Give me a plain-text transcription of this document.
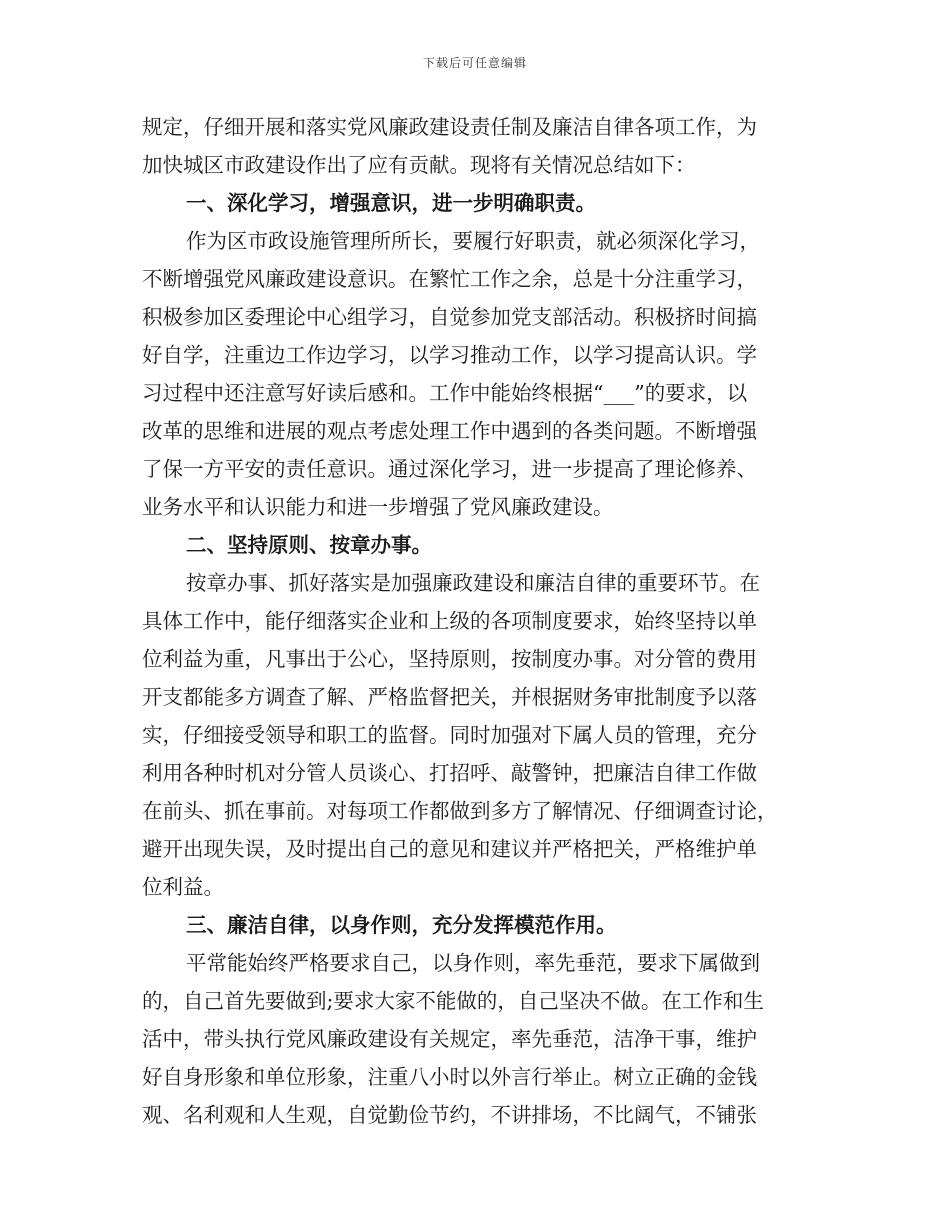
下载后可任意编辑
规定，仔细开展和落实党风廉政建设责任制及廉洁自律各项工作，为
加快城区市政建设作出了应有贡献。现将有关情况总结如下：
一、深化学习，增强意识，进一步明确职责。
作为区市政设施管理所所长，要履行好职责，就必须深化学习，
不断增强党风廉政建设意识。在繁忙工作之余，总是十分注重学习，
积极参加区委理论中心组学习，自觉参加党支部活动。积极挤时间搞
好自学，注重边工作边学习，以学习推动工作，以学习提高认识。学
习过程中还注意写好读后感和。工作中能始终根据“___”的要求，以
改革的思维和进展的观点考虑处理工作中遇到的各类问题。不断增强
了保一方平安的责任意识。通过深化学习，进一步提高了理论修养、
业务水平和认识能力和进一步增强了党风廉政建设。
二、坚持原则、按章办事。
按章办事、抓好落实是加强廉政建设和廉洁自律的重要环节。在
具体工作中，能仔细落实企业和上级的各项制度要求，始终坚持以单
位利益为重，凡事出于公心，坚持原则，按制度办事。对分管的费用
开支都能多方调查了解、严格监督把关，并根据财务审批制度予以落
实，仔细接受领导和职工的监督。同时加强对下属人员的管理，充分
利用各种时机对分管人员谈心、打招呼、敲警钟，把廉洁自律工作做
在前头、抓在事前。对每项工作都做到多方了解情况、仔细调查讨论，
避开出现失误，及时提出自己的意见和建议并严格把关，严格维护单
位利益。
三、廉洁自律，以身作则，充分发挥模范作用。
平常能始终严格要求自己，以身作则，率先垂范，要求下属做到
的，自己首先要做到;要求大家不能做的，自己坚决不做。在工作和生
活中，带头执行党风廉政建设有关规定，率先垂范，洁净干事，维护
好自身形象和单位形象，注重八小时以外言行举止。树立正确的金钱
观、名利观和人生观，自觉勤俭节约，不讲排场，不比阔气，不铺张
